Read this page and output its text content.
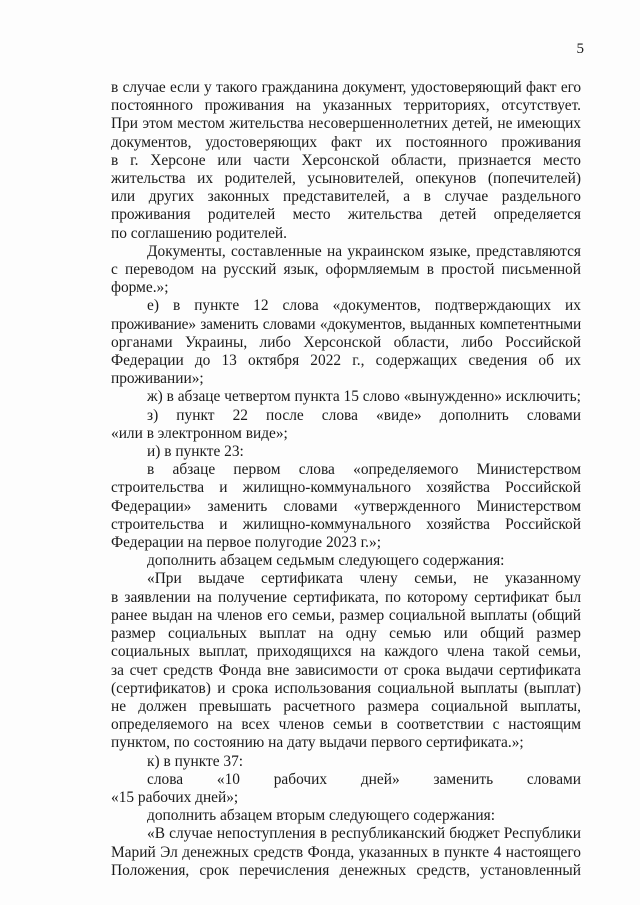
5
в случае если у такого гражданина документ, удостоверяющий факт его
постоянного проживания на указанных территориях, отсутствует.
При этом местом жительства несовершеннолетних детей, не имеющих
документов, удостоверяющих факт их постоянного проживания
в г. Херсоне или части Херсонской области, признается место
жительства их родителей, усыновителей, опекунов (попечителей)
или других законных представителей, а в случае раздельного
проживания родителей место жительства детей определяется
по соглашению родителей.
Документы, составленные на украинском языке, представляются
с переводом на русский язык, оформляемым в простой письменной
форме.»;
е) в пункте 12 слова «документов, подтверждающих их
проживание» заменить словами «документов, выданных компетентными
органами Украины, либо Херсонской области, либо Российской
Федерации до 13 октября 2022 г., содержащих сведения об их
проживании»;
ж) в абзаце четвертом пункта 15 слово «вынужденно» исключить;
з) пункт 22 после слова «виде» дополнить словами
«или в электронном виде»;
и) в пункте 23:
в абзаце первом слова «определяемого Министерством
строительства и жилищно-коммунального хозяйства Российской
Федерации» заменить словами «утвержденного Министерством
строительства и жилищно-коммунального хозяйства Российской
Федерации на первое полугодие 2023 г.»;
дополнить абзацем седьмым следующего содержания:
«При выдаче сертификата члену семьи, не указанному
в заявлении на получение сертификата, по которому сертификат был
ранее выдан на членов его семьи, размер социальной выплаты (общий
размер социальных выплат на одну семью или общий размер
социальных выплат, приходящихся на каждого члена такой семьи,
за счет средств Фонда вне зависимости от срока выдачи сертификата
(сертификатов) и срока использования социальной выплаты (выплат)
не должен превышать расчетного размера социальной выплаты,
определяемого на всех членов семьи в соответствии с настоящим
пунктом, по состоянию на дату выдачи первого сертификата.»;
к) в пункте 37:
слова «10 рабочих дней» заменить словами
«15 рабочих дней»;
дополнить абзацем вторым следующего содержания:
«В случае непоступления в республиканский бюджет Республики
Марий Эл денежных средств Фонда, указанных в пункте 4 настоящего
Положения, срок перечисления денежных средств, установленный
